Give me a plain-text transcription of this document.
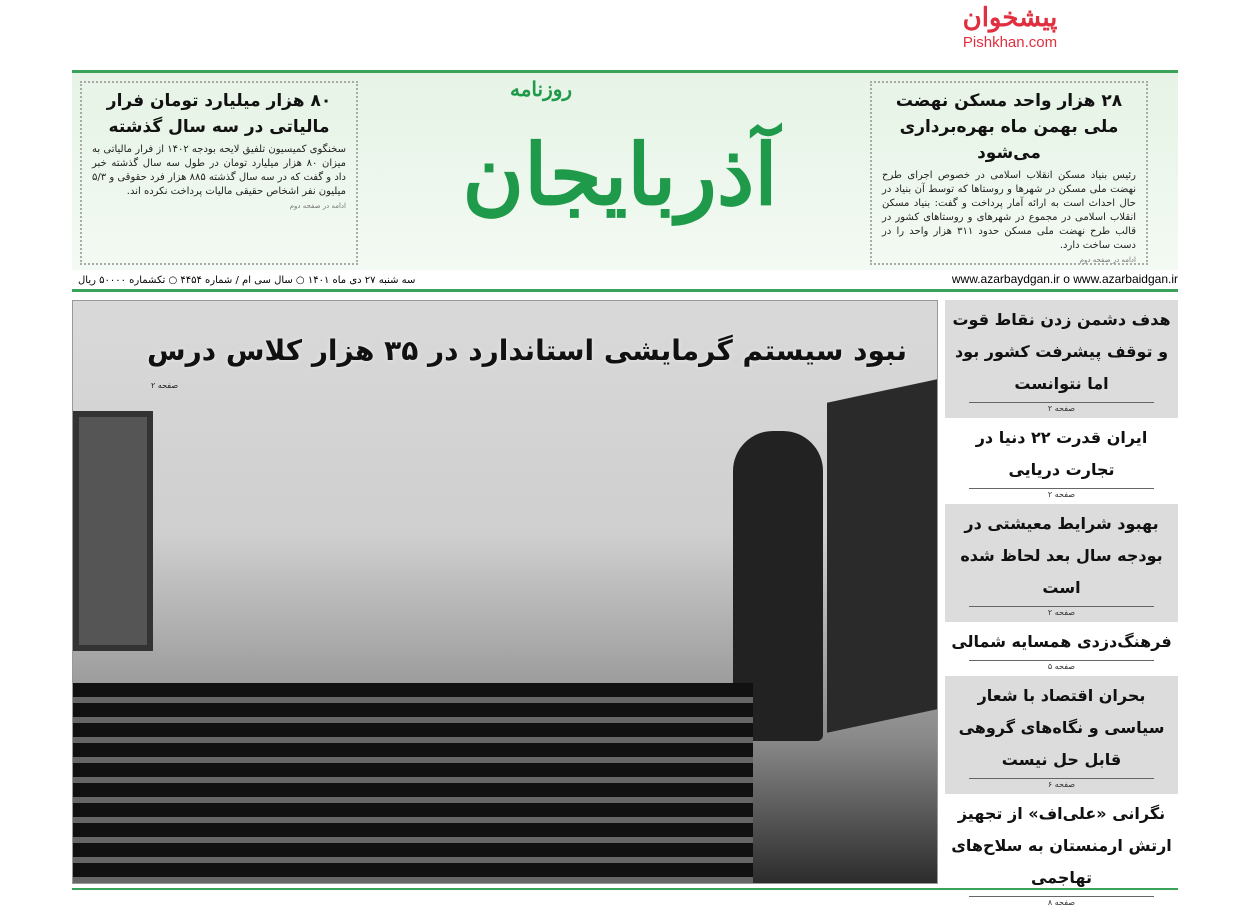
۸۰ هزار میلیارد تومان فرار مالیاتی در سه سال گذشته

سخنگوی کمیسیون تلفیق لایحه بودجه ۱۴۰۲ از فرار مالیاتی به میزان ۸۰ هزار میلیارد تومان در طول سه سال گذشته خبر داد و گفت که در سه سال گذشته ۸۸۵ هزار فرد حقوقی و ۵/۳ میلیون نفر اشخاص حقیقی مالیات پرداخت نکرده اند.

ادامه در صفحه دوم
۲۸ هزار واحد مسکن نهضت ملی بهمن ماه بهره‌برداری می‌شود

رئیس بنیاد مسکن انقلاب اسلامی در خصوص اجرای طرح نهضت ملی مسکن در شهرها و روستاها که توسط آن بنیاد در حال احداث است به ارائه آمار پرداخت و گفت: بنیاد مسکن انقلاب اسلامی در مجموع در شهرهای و روستاهای کشور در قالب طرح نهضت ملی مسکن حدود ۳۱۱ هزار واحد را در دست ساخت دارد.

ادامه در صفحه دوم
روزنامه
آذربایجان
پیشخوان
Pishkhan.com
سه شنبه ۲۷ دی ماه ۱۴۰۱ ○ سال سی ام / شماره ۴۴۵۴ ○ تکشماره ۵۰۰۰۰ ریال	www.azarbaydgan.ir o www.azarbaidgan.ir
نبود سیستم گرمایشی استاندارد در ۳۵ هزار کلاس درس
صفحه ۲
هدف دشمن زدن نقاط قوت و توقف پیشرفت کشور بود اما نتوانست
صفحه ۲
ایران قدرت ۲۲ دنیا در تجارت دریایی
صفحه ۲
بهبود شرایط معیشتی در بودجه سال بعد لحاظ شده است
صفحه ۲
فرهنگ‌دزدی همسایه شمالی
صفحه ۵
بحران اقتصاد با شعار سیاسی و نگاه‌های گروهی قابل حل نیست
صفحه ۶
نگرانی «علی‌اف» از تجهیز ارتش ارمنستان به سلاح‌های تهاجمی
صفحه ۸
